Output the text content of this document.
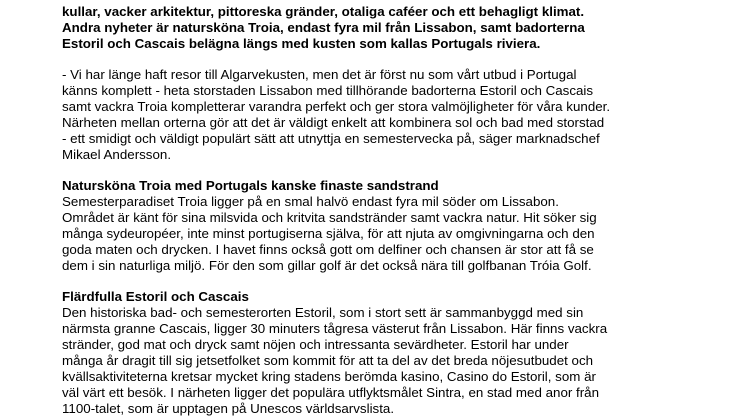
kullar, vacker arkitektur, pittoreska gränder, otaliga caféer och ett behagligt klimat.

Andra nyheter är natursköna Troia, endast fyra mil från Lissabon, samt badorterna

Estoril och Cascais belägna längs med kusten som kallas Portugals riviera.

- Vi har länge haft resor till Algarvekusten, men det är först nu som vårt utbud i Portugal

känns komplett - heta storstaden Lissabon med tillhörande badorterna Estoril och Cascais

samt vackra Troia kompletterar varandra perfekt och ger stora valmöjligheter för våra kunder.

Närheten mellan orterna gör att det är väldigt enkelt att kombinera sol och bad med storstad

- ett smidigt och väldigt populärt sätt att utnyttja en semestervecka på, säger marknadschef

Mikael Andersson.

Natursköna Troia med Portugals kanske finaste sandstrand

Semesterparadiset Troia ligger på en smal halvö endast fyra mil söder om Lissabon.

Området är känt för sina milsvida och kritvita sandstränder samt vackra natur. Hit söker sig

många sydeuropéer, inte minst portugiserna själva, för att njuta av omgivningarna och den

goda maten och drycken. I havet finns också gott om delfiner och chansen är stor att få se

dem i sin naturliga miljö. För den som gillar golf är det också nära till golfbanan Tróia Golf.

Flärdfulla Estoril och Cascais

Den historiska bad- och semesterorten Estoril, som i stort sett är sammanbyggd med sin

närmsta granne Cascais, ligger 30 minuters tågresa västerut från Lissabon. Här finns vackra

stränder, god mat och dryck samt nöjen och intressanta sevärdheter. Estoril har under

många år dragit till sig jetsetfolket som kommit för att ta del av det breda nöjesutbudet och

kvällsaktiviteterna kretsar mycket kring stadens berömda kasino, Casino do Estoril, som är

väl värt ett besök. I närheten ligger det populära utflyktsmålet Sintra, en stad med anor från

1100-talet, som är upptagen på Unescos världsarvslista.
